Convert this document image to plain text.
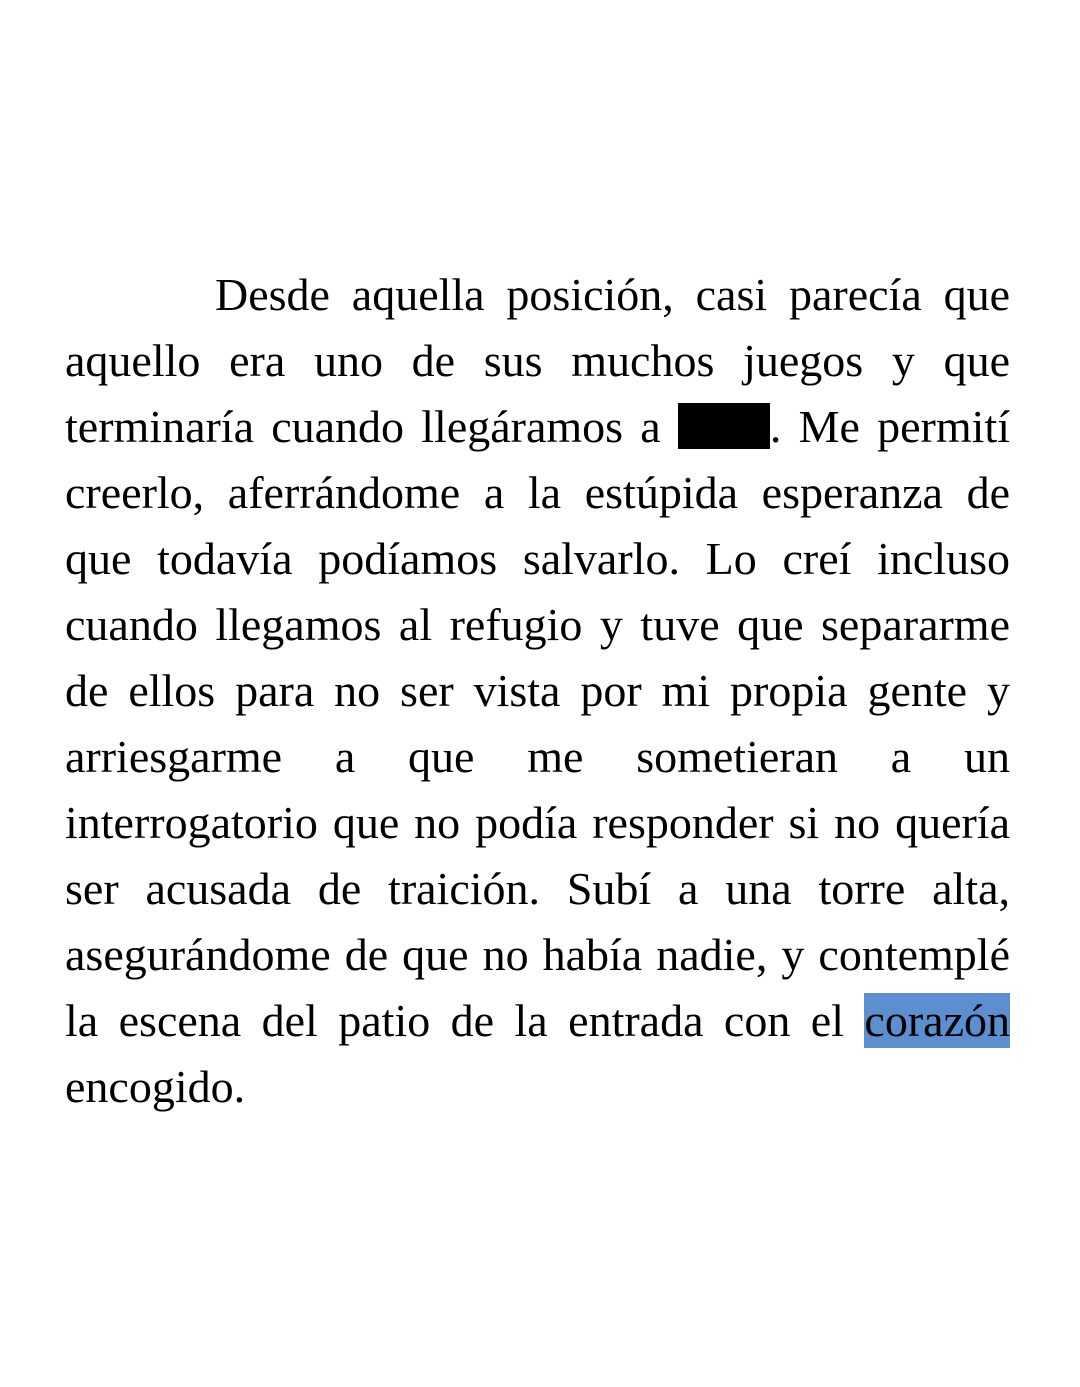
Desde aquella posición, casi parecía que aquello era uno de sus muchos juegos y que terminaría cuando llegáramos a . Me permití creerlo, aferrándome a la estúpida esperanza de que todavía podíamos salvarlo. Lo creí incluso cuando llegamos al refugio y tuve que separarme de ellos para no ser vista por mi propia gente y arriesgarme a que me sometieran a un interrogatorio que no podía responder si no quería ser acusada de traición. Subí a una torre alta, asegurándome de que no había nadie, y contemplé la escena del patio de la entrada con el corazón encogido.
